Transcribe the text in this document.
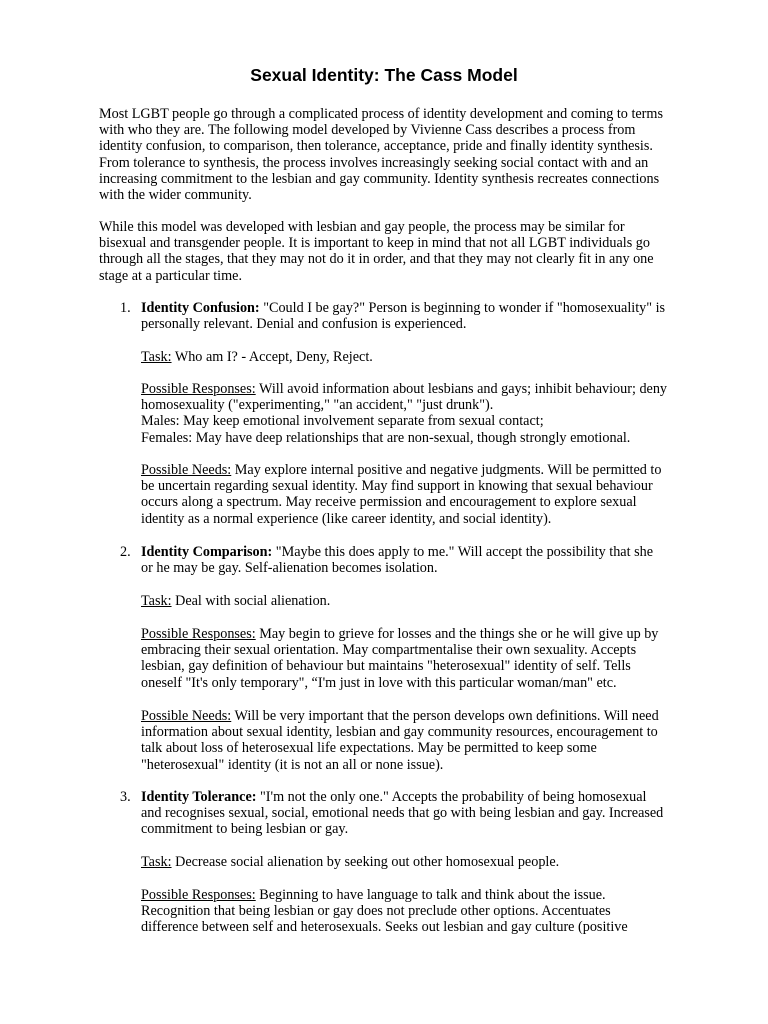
Sexual Identity: The Cass Model
Most LGBT people go through a complicated process of identity development and coming to terms
with who they are. The following model developed by Vivienne Cass describes a process from
identity confusion, to comparison, then tolerance, acceptance, pride and finally identity synthesis.
From tolerance to synthesis, the process involves increasingly seeking social contact with and an
increasing commitment to the lesbian and gay community. Identity synthesis recreates connections
with the wider community.
While this model was developed with lesbian and gay people, the process may be similar for
bisexual and transgender people. It is important to keep in mind that not all LGBT individuals go
through all the stages, that they may not do it in order, and that they may not clearly fit in any one
stage at a particular time.
1. Identity Confusion: "Could I be gay?" Person is beginning to wonder if "homosexuality" is
personally relevant. Denial and confusion is experienced.
Task: Who am I? - Accept, Deny, Reject.
Possible Responses: Will avoid information about lesbians and gays; inhibit behaviour; deny
homosexuality ("experimenting," "an accident," "just drunk").
Males: May keep emotional involvement separate from sexual contact;
Females: May have deep relationships that are non-sexual, though strongly emotional.
Possible Needs: May explore internal positive and negative judgments. Will be permitted to
be uncertain regarding sexual identity. May find support in knowing that sexual behaviour
occurs along a spectrum. May receive permission and encouragement to explore sexual
identity as a normal experience (like career identity, and social identity).
2. Identity Comparison: "Maybe this does apply to me." Will accept the possibility that she
or he may be gay. Self-alienation becomes isolation.
Task: Deal with social alienation.
Possible Responses: May begin to grieve for losses and the things she or he will give up by
embracing their sexual orientation. May compartmentalise their own sexuality. Accepts
lesbian, gay definition of behaviour but maintains "heterosexual" identity of self. Tells
oneself "It's only temporary", “I'm just in love with this particular woman/man" etc.
Possible Needs: Will be very important that the person develops own definitions. Will need
information about sexual identity, lesbian and gay community resources, encouragement to
talk about loss of heterosexual life expectations. May be permitted to keep some
"heterosexual" identity (it is not an all or none issue).
3. Identity Tolerance: "I'm not the only one." Accepts the probability of being homosexual
and recognises sexual, social, emotional needs that go with being lesbian and gay. Increased
commitment to being lesbian or gay.
Task: Decrease social alienation by seeking out other homosexual people.
Possible Responses: Beginning to have language to talk and think about the issue.
Recognition that being lesbian or gay does not preclude other options. Accentuates
difference between self and heterosexuals. Seeks out lesbian and gay culture (positive
